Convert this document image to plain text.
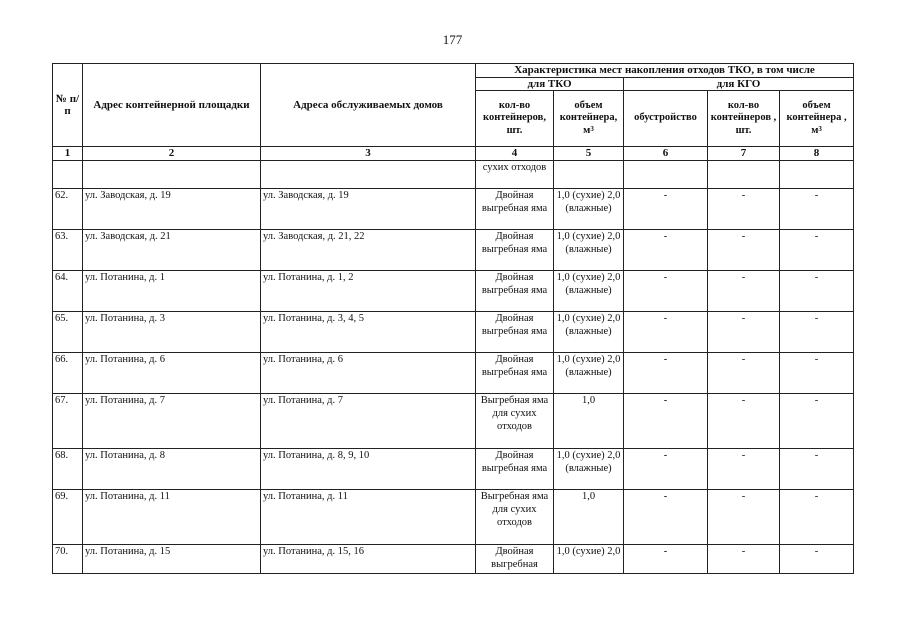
177
№ п/п	Адрес контейнерной площадки	Адреса обслуживаемых домов	Характеристика мест накопления отходов ТКО, в том числе				
			для ТКО		для КГО		
			кол-во контейнеров, шт.	объем контейнера, $м^3$	обустройство	кол-во контейнеров , шт.	объем контейнера , $м^3$
1	2	3	4	5	6	7	8
			сухих отходов				
62.	ул. Заводская, д. 19	ул. Заводская, д. 19	Двойная выгребная яма	1,0 (сухие) 2,0 (влажные)	-	-	-
63.	ул. Заводская, д. 21	ул. Заводская, д. 21, 22	Двойная выгребная яма	1,0 (сухие) 2,0 (влажные)	-	-	-
64.	ул. Потанина, д. 1	ул. Потанина, д. 1, 2	Двойная выгребная яма	1,0 (сухие) 2,0 (влажные)	-	-	-
65.	ул. Потанина, д. 3	ул. Потанина, д. 3, 4, 5	Двойная выгребная яма	1,0 (сухие) 2,0 (влажные)	-	-	-
66.	ул. Потанина, д. 6	ул. Потанина, д. 6	Двойная выгребная яма	1,0 (сухие) 2,0 (влажные)	-	-	-
67.	ул. Потанина, д. 7	ул. Потанина, д. 7	Выгребная яма для сухих отходов	1,0	-	-	-
68.	ул. Потанина, д. 8	ул. Потанина, д. 8, 9, 10	Двойная выгребная яма	1,0 (сухие) 2,0 (влажные)	-	-	-
69.	ул. Потанина, д. 11	ул. Потанина, д. 11	Выгребная яма для сухих отходов	1,0	-	-	-
70.	ул. Потанина, д. 15	ул. Потанина, д. 15, 16	Двойная выгребная	1,0 (сухие) 2,0	-	-	-
